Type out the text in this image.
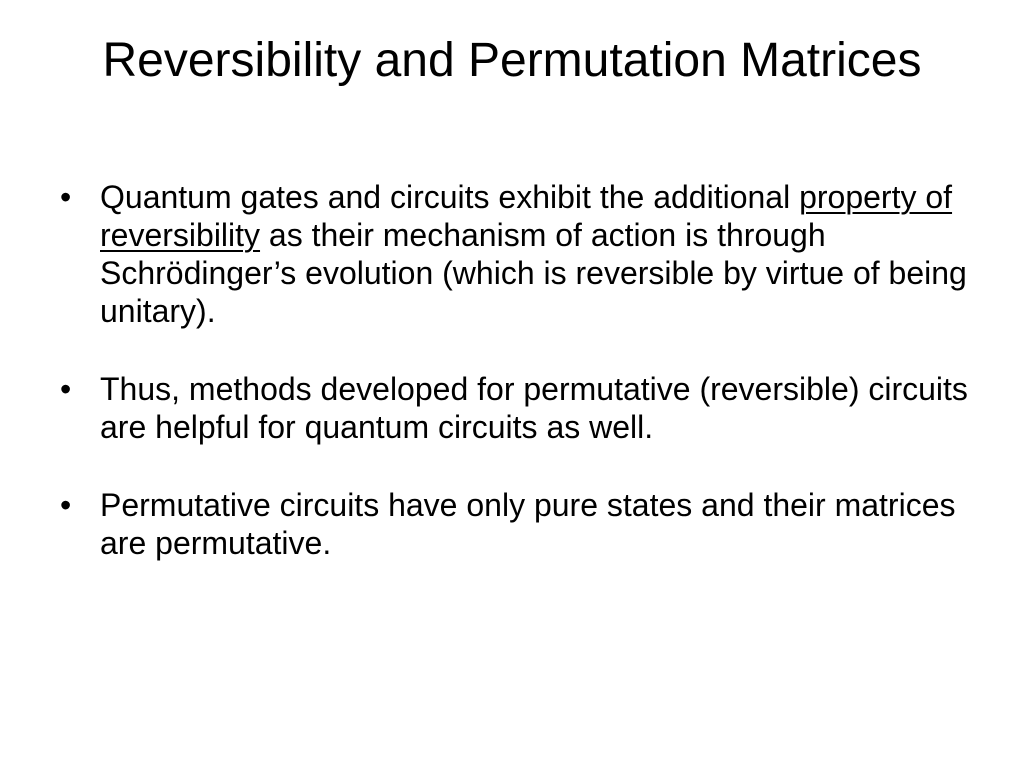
Reversibility and Permutation Matrices
• Quantum gates and circuits exhibit the additional property of reversibility as their mechanism of action is through Schrödinger’s evolution (which is reversible by virtue of being unitary).
• Thus, methods developed for permutative (reversible) circuits are helpful for quantum circuits as well.
• Permutative circuits have only pure states and their matrices are permutative.
